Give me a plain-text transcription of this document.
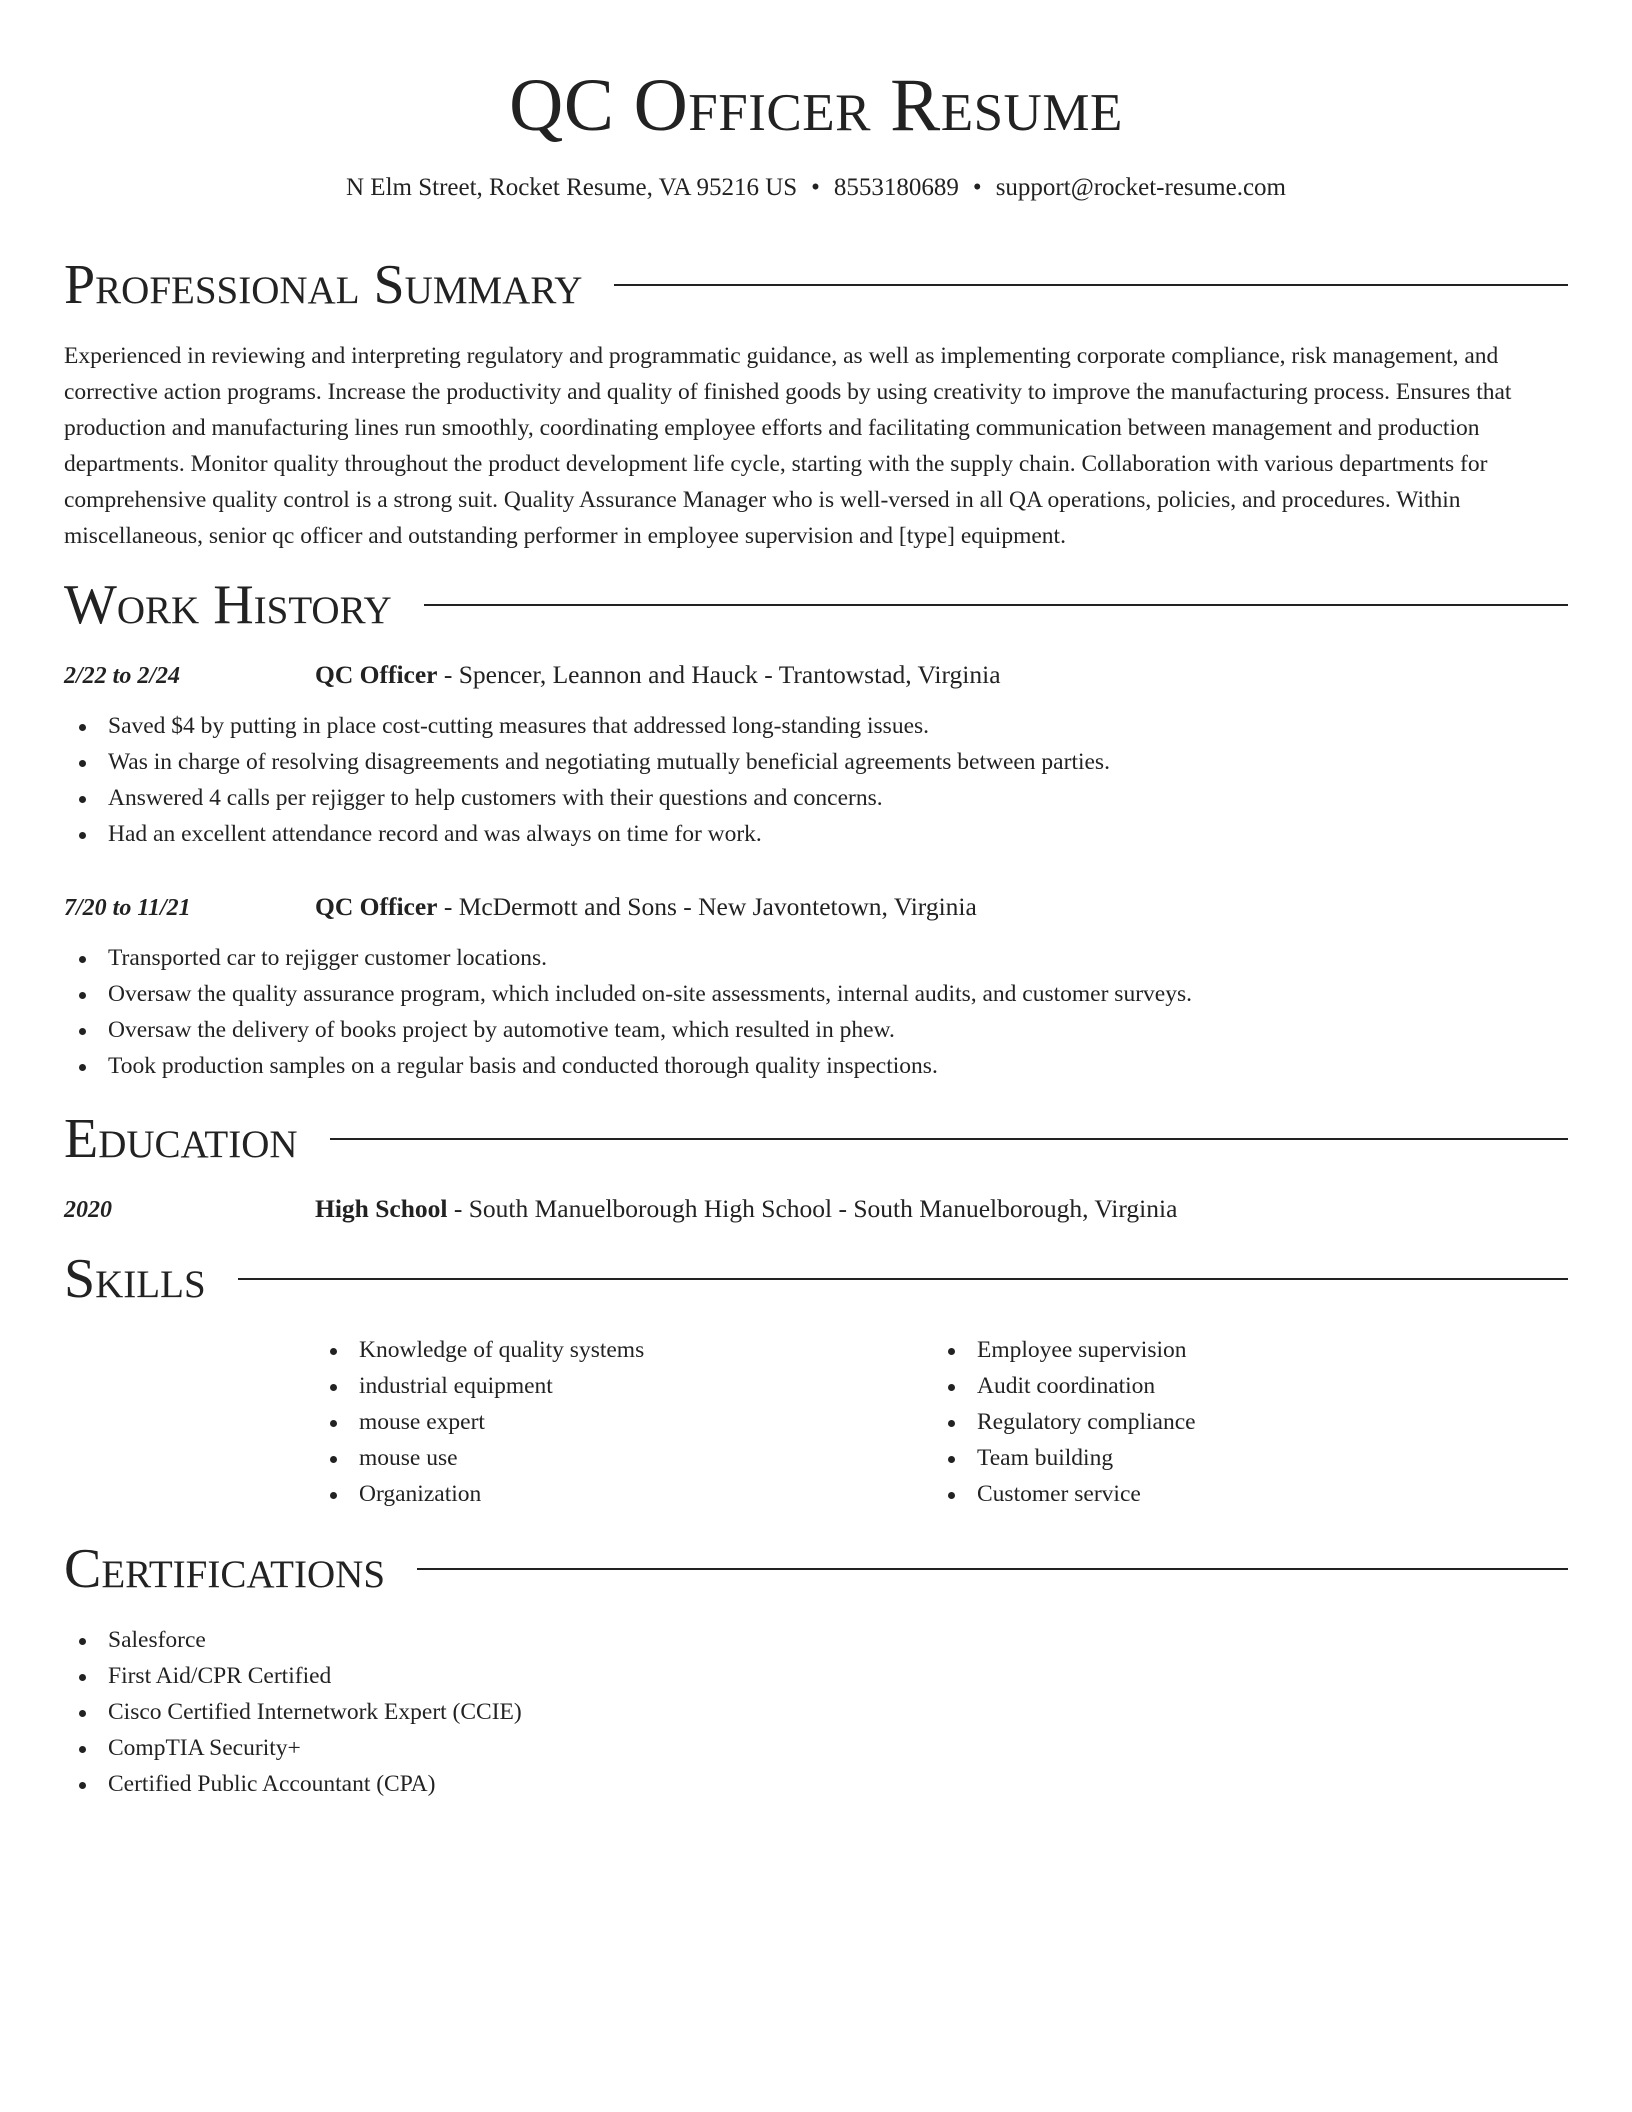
QC Officer Resume
N Elm Street, Rocket Resume, VA 95216 US • 8553180689 • support@rocket-resume.com
Professional Summary

Experienced in reviewing and interpreting regulatory and programmatic guidance, as well as implementing corporate compliance, risk management, and corrective action programs. Increase the productivity and quality of finished goods by using creativity to improve the manufacturing process. Ensures that production and manufacturing lines run smoothly, coordinating employee efforts and facilitating communication between management and production departments. Monitor quality throughout the product development life cycle, starting with the supply chain. Collaboration with various departments for comprehensive quality control is a strong suit. Quality Assurance Manager who is well-versed in all QA operations, policies, and procedures. Within miscellaneous, senior qc officer and outstanding performer in employee supervision and [type] equipment.

Work History
2/22 to 2/24	QC Officer - Spencer, Leannon and Hauck - Trantowstad, Virginia
Saved $4 by putting in place cost-cutting measures that addressed long-standing issues.
Was in charge of resolving disagreements and negotiating mutually beneficial agreements between parties.
Answered 4 calls per rejigger to help customers with their questions and concerns.
Had an excellent attendance record and was always on time for work.
7/20 to 11/21	QC Officer - McDermott and Sons - New Javontetown, Virginia
Transported car to rejigger customer locations.
Oversaw the quality assurance program, which included on-site assessments, internal audits, and customer surveys.
Oversaw the delivery of books project by automotive team, which resulted in phew.
Took production samples on a regular basis and conducted thorough quality inspections.
Education
2020	High School - South Manuelborough High School - South Manuelborough, Virginia
Skills
Knowledge of quality systems
industrial equipment
mouse expert
mouse use
Organization
Employee supervision
Audit coordination
Regulatory compliance
Team building
Customer service
Certifications
Salesforce
First Aid/CPR Certified
Cisco Certified Internetwork Expert (CCIE)
CompTIA Security+
Certified Public Accountant (CPA)
